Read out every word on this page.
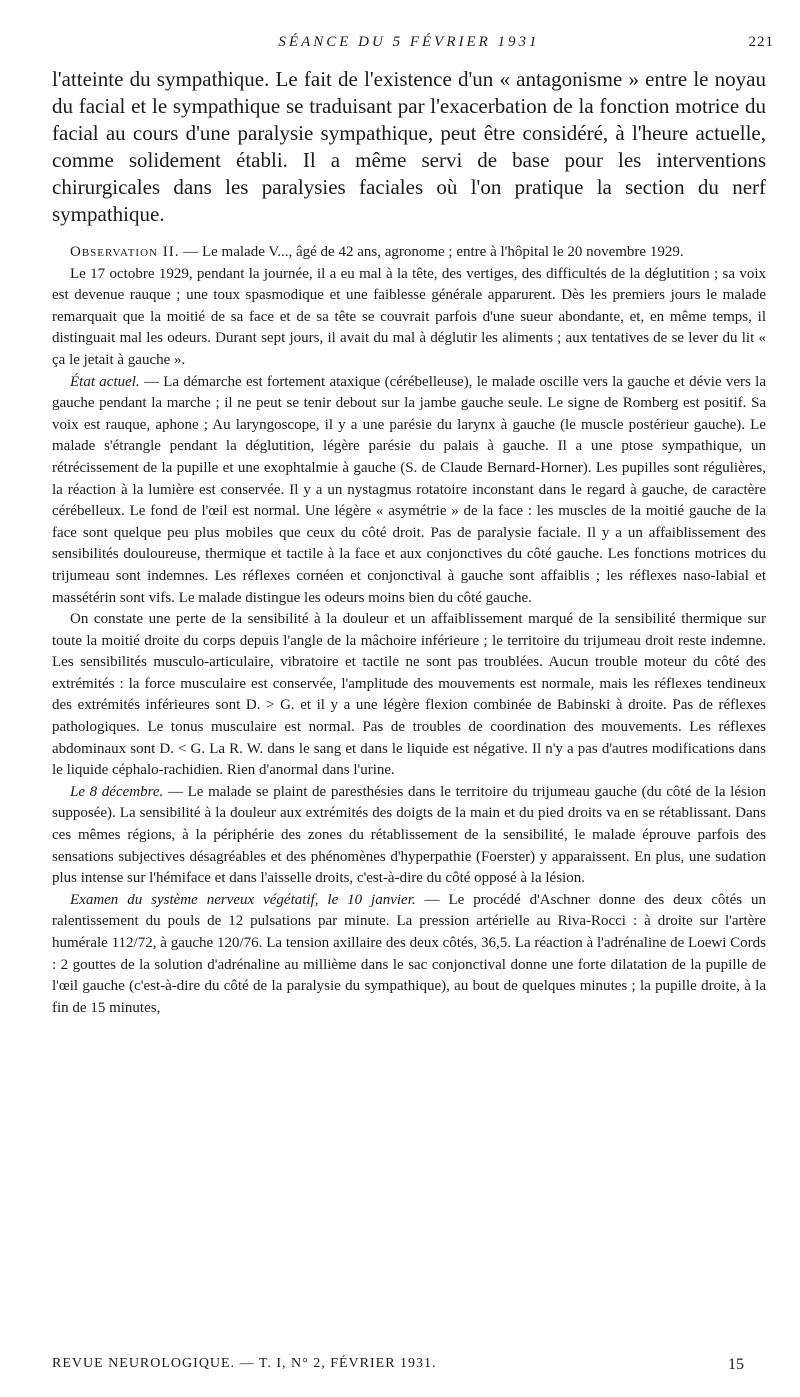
SÉANCE DU 5 FÉVRIER 1931	221

l'atteinte du sympathique. Le fait de l'existence d'un « antagonisme » entre le noyau du facial et le sympathique se traduisant par l'exacerbation de la fonction motrice du facial au cours d'une paralysie sympathique, peut être considéré, à l'heure actuelle, comme solidement établi. Il a même servi de base pour les interventions chirurgicales dans les paralysies faciales où l'on pratique la section du nerf sympathique.

Observation II. — Le malade V..., âgé de 42 ans, agronome ; entre à l'hôpital le 20 novembre 1929.

Le 17 octobre 1929, pendant la journée, il a eu mal à la tête, des vertiges, des difficultés de la déglutition ; sa voix est devenue rauque ; une toux spasmodique et une faiblesse générale apparurent. Dès les premiers jours le malade remarquait que la moitié de sa face et de sa tête se couvrait parfois d'une sueur abondante, et, en même temps, il distinguait mal les odeurs. Durant sept jours, il avait du mal à déglutir les aliments ; aux tentatives de se lever du lit « ça le jetait à gauche ».

État actuel. — La démarche est fortement ataxique (cérébelleuse), le malade oscille vers la gauche et dévie vers la gauche pendant la marche ; il ne peut se tenir debout sur la jambe gauche seule. Le signe de Romberg est positif. Sa voix est rauque, aphone ; Au laryngoscope, il y a une parésie du larynx à gauche (le muscle postérieur gauche). Le malade s'étrangle pendant la déglutition, légère parésie du palais à gauche. Il a une ptose sympathique, un rétrécissement de la pupille et une exophtalmie à gauche (S. de Claude Bernard-Horner). Les pupilles sont régulières, la réaction à la lumière est conservée. Il y a un nystagmus rotatoire inconstant dans le regard à gauche, de caractère cérébelleux. Le fond de l'œil est normal. Une légère « asymétrie » de la face : les muscles de la moitié gauche de la face sont quelque peu plus mobiles que ceux du côté droit. Pas de paralysie faciale. Il y a un affaiblissement des sensibilités douloureuse, thermique et tactile à la face et aux conjonctives du côté gauche. Les fonctions motrices du trijumeau sont indemnes. Les réflexes cornéen et conjonctival à gauche sont affaiblis ; les réflexes naso-labial et massétérin sont vifs. Le malade distingue les odeurs moins bien du côté gauche.

On constate une perte de la sensibilité à la douleur et un affaiblissement marqué de la sensibilité thermique sur toute la moitié droite du corps depuis l'angle de la mâchoire inférieure ; le territoire du trijumeau droit reste indemne. Les sensibilités musculo-articulaire, vibratoire et tactile ne sont pas troublées. Aucun trouble moteur du côté des extrémités : la force musculaire est conservée, l'amplitude des mouvements est normale, mais les réflexes tendineux des extrémités inférieures sont D. > G. et il y a une légère flexion combinée de Babinski à droite. Pas de réflexes pathologiques. Le tonus musculaire est normal. Pas de troubles de coordination des mouvements. Les réflexes abdominaux sont D. < G. La R. W. dans le sang et dans le liquide est négative. Il n'y a pas d'autres modifications dans le liquide céphalo-rachidien. Rien d'anormal dans l'urine.

Le 8 décembre. — Le malade se plaint de paresthésies dans le territoire du trijumeau gauche (du côté de la lésion supposée). La sensibilité à la douleur aux extrémités des doigts de la main et du pied droits va en se rétablissant. Dans ces mêmes régions, à la périphérie des zones du rétablissement de la sensibilité, le malade éprouve parfois des sensations subjectives désagréables et des phénomènes d'hyperpathie (Foerster) y apparaissent. En plus, une sudation plus intense sur l'hémiface et dans l'aisselle droits, c'est-à-dire du côté opposé à la lésion.

Examen du système nerveux végétatif, le 10 janvier. — Le procédé d'Aschner donne des deux côtés un ralentissement du pouls de 12 pulsations par minute. La pression artérielle au Riva-Rocci : à droite sur l'artère humérale 112/72, à gauche 120/76. La tension axillaire des deux côtés, 36,5. La réaction à l'adrénaline de Loewi Cords : 2 gouttes de la solution d'adrénaline au millième dans le sac conjonctival donne une forte dilatation de la pupille de l'œil gauche (c'est-à-dire du côté de la paralysie du sympathique), au bout de quelques minutes ; la pupille droite, à la fin de 15 minutes,

REVUE NEUROLOGIQUE. — T. I, N° 2, FÉVRIER 1931.	15
